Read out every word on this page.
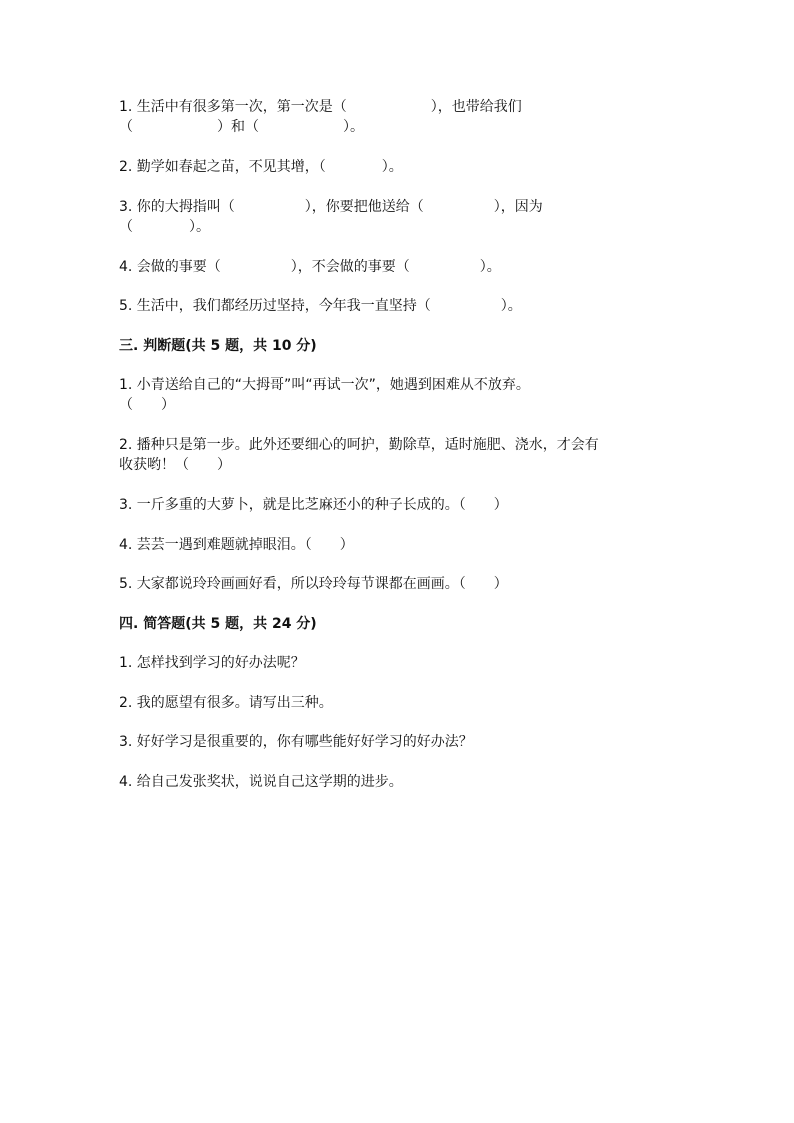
1. 生活中有很多第一次，第一次是（　　　　　　），也带给我们
（　　　　　　）和（　　　　　　）。
2. 勤学如春起之苗，不见其增，（　　　　）。
3. 你的大拇指叫（　　　　　），你要把他送给（　　　　　），因为
（　　　　）。
4. 会做的事要（　　　　　），不会做的事要（　　　　　）。
5. 生活中，我们都经历过坚持，今年我一直坚持（　　　　　）。
三. 判断题(共 5 题，共 10 分)
1. 小青送给自己的“大拇哥”叫“再试一次”，她遇到困难从不放弃。
（　　）
2. 播种只是第一步。此外还要细心的呵护，勤除草，适时施肥、浇水，才会有
收获哟！（　　）
3. 一斤多重的大萝卜，就是比芝麻还小的种子长成的。（　　）
4. 芸芸一遇到难题就掉眼泪。（　　）
5. 大家都说玲玲画画好看，所以玲玲每节课都在画画。（　　）
四. 简答题(共 5 题，共 24 分)
1. 怎样找到学习的好办法呢？
2. 我的愿望有很多。请写出三种。
3. 好好学习是很重要的，你有哪些能好好学习的好办法？
4. 给自己发张奖状，说说自己这学期的进步。
